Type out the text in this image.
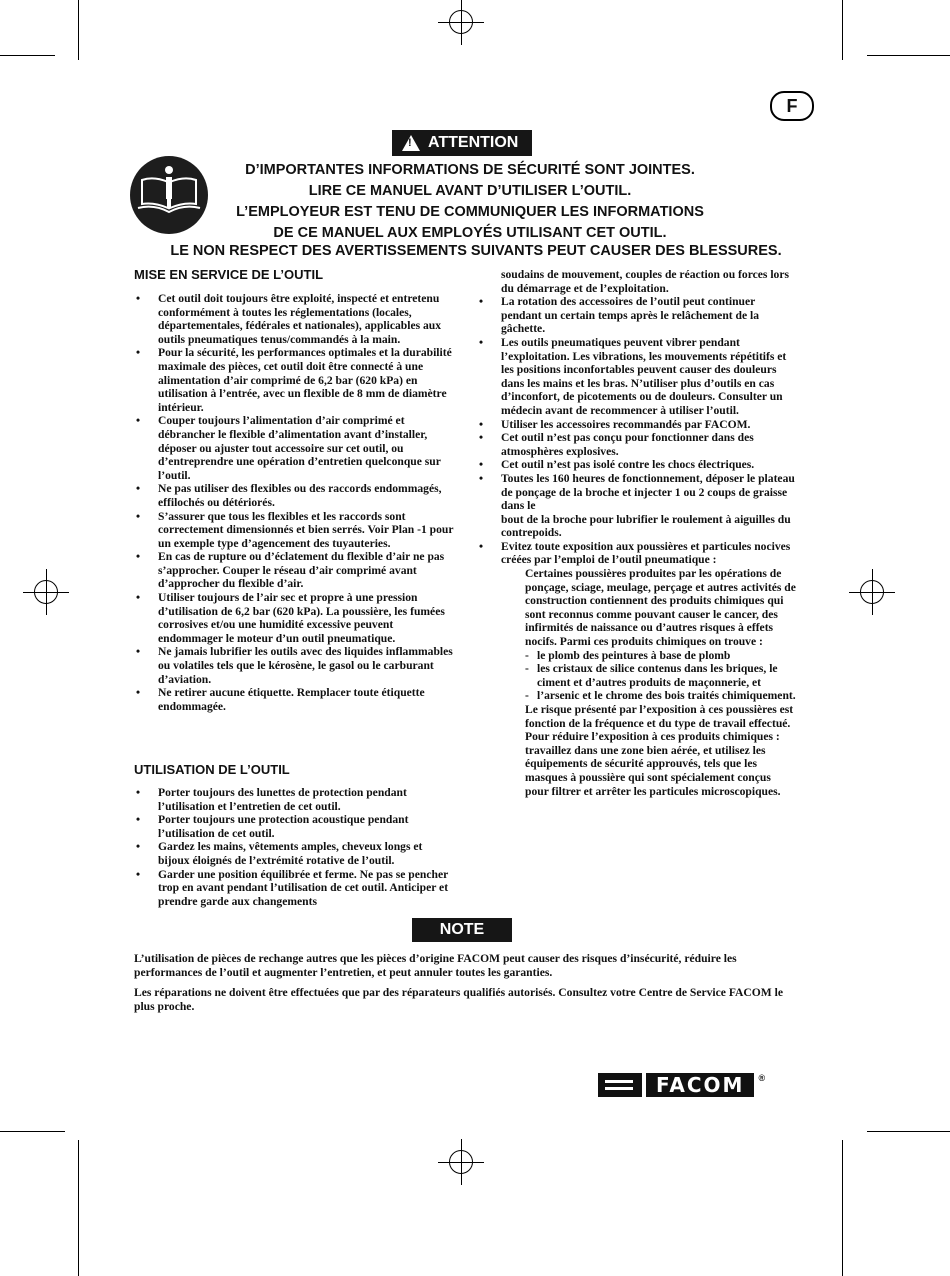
F
! ATTENTION
D’IMPORTANTES INFORMATIONS DE SÉCURITÉ SONT JOINTES.
LIRE CE MANUEL AVANT D’UTILISER L’OUTIL.
L’EMPLOYEUR EST TENU DE COMMUNIQUER LES INFORMATIONS
DE CE MANUEL AUX EMPLOYÉS UTILISANT CET OUTIL.
LE NON RESPECT DES AVERTISSEMENTS SUIVANTS PEUT CAUSER DES BLESSURES.
MISE EN SERVICE DE L’OUTIL
• Cet outil doit toujours être exploité, inspecté et entretenu conformément à toutes les réglementations (locales, départementales, fédérales et nationales), applicables aux outils pneumatiques tenus/commandés à la main.
• Pour la sécurité, les performances optimales et la durabilité maximale des pièces, cet outil doit être connecté à une alimentation d’air comprimé de 6,2 bar (620 kPa) en utilisation à l’entrée, avec un flexible de 8 mm de diamètre intérieur.
• Couper toujours l’alimentation d’air comprimé et débrancher le flexible d’alimentation avant d’installer, déposer ou ajuster tout accessoire sur cet outil, ou d’entreprendre une opération d’entretien quelconque sur l’outil.
• Ne pas utiliser des flexibles ou des raccords endommagés, effilochés ou détériorés.
• S’assurer que tous les flexibles et les raccords sont correctement dimensionnés et bien serrés. Voir Plan -1 pour un exemple type d’agencement des tuyauteries.
• En cas de rupture ou d’éclatement du flexible d’air ne pas s’approcher. Couper le réseau d’air comprimé avant d’approcher du flexible d’air.
• Utiliser toujours de l’air sec et propre à une pression d’utilisation de 6,2 bar (620 kPa). La poussière, les fumées corrosives et/ou une humidité excessive peuvent endommager le moteur d’un outil pneumatique.
• Ne jamais lubrifier les outils avec des liquides inflammables ou volatiles tels que le kérosène, le gasol ou le carburant d’aviation.
• Ne retirer aucune étiquette. Remplacer toute étiquette endommagée.
UTILISATION DE L’OUTIL
• Porter toujours des lunettes de protection pendant l’utilisation et l’entretien de cet outil.
• Porter toujours une protection acoustique pendant l’utilisation de cet outil.
• Gardez les mains, vêtements amples, cheveux longs et bijoux éloignés de l’extrémité rotative de l’outil.
• Garder une position équilibrée et ferme. Ne pas se pencher trop en avant pendant l’utilisation de cet outil. Anticiper et prendre garde aux changements

soudains de mouvement, couples de réaction ou forces lors du démarrage et de l’exploitation.

• La rotation des accessoires de l’outil peut continuer pendant un certain temps après le relâchement de la gâchette.
• Les outils pneumatiques peuvent vibrer pendant l’exploitation. Les vibrations, les mouvements répétitifs et les positions inconfortables peuvent causer des douleurs dans les mains et les bras. N’utiliser plus d’outils en cas d’inconfort, de picotements ou de douleurs. Consulter un médecin avant de recommencer à utiliser l’outil.
• Utiliser les accessoires recommandés par FACOM.
• Cet outil n’est pas conçu pour fonctionner dans des atmosphères explosives.
• Cet outil n’est pas isolé contre les chocs électriques.
• Toutes les 160 heures de fonctionnement, déposer le plateau de ponçage de la broche et injecter 1 ou 2 coups de graisse dans le
bout de la broche pour lubrifier le roulement à aiguilles du contrepoids.
• Evitez toute exposition aux poussières et particules nocives créées par l’emploi de l’outil pneumatique :

Certaines poussières produites par les opérations de ponçage, sciage, meulage, perçage et autres activités de construction contiennent des produits chimiques qui sont reconnus comme pouvant causer le cancer, des infirmités de naissance ou d’autres risques à effets nocifs. Parmi ces produits chimiques on trouve :

- le plomb des peintures à base de plomb
- les cristaux de silice contenus dans les briques, le ciment et d’autres produits de maçonnerie, et
- l’arsenic et le chrome des bois traités chimiquement.

Le risque présenté par l’exposition à ces poussières est fonction de la fréquence et du type de travail effectué. Pour réduire l’exposition à ces produits chimiques : travaillez dans une zone bien aérée, et utilisez les équipements de sécurité approuvés, tels que les masques à poussière qui sont spécialement conçus pour filtrer et arrêter les particules microscopiques.

NOTE

L’utilisation de pièces de rechange autres que les pièces d’origine FACOM peut causer des risques d’insécurité, réduire les performances de l’outil et augmenter l’entretien, et peut annuler toutes les garanties.

Les réparations ne doivent être effectuées que par des réparateurs qualifiés autorisés. Consultez votre Centre de Service FACOM le plus proche.

FACOM	®
